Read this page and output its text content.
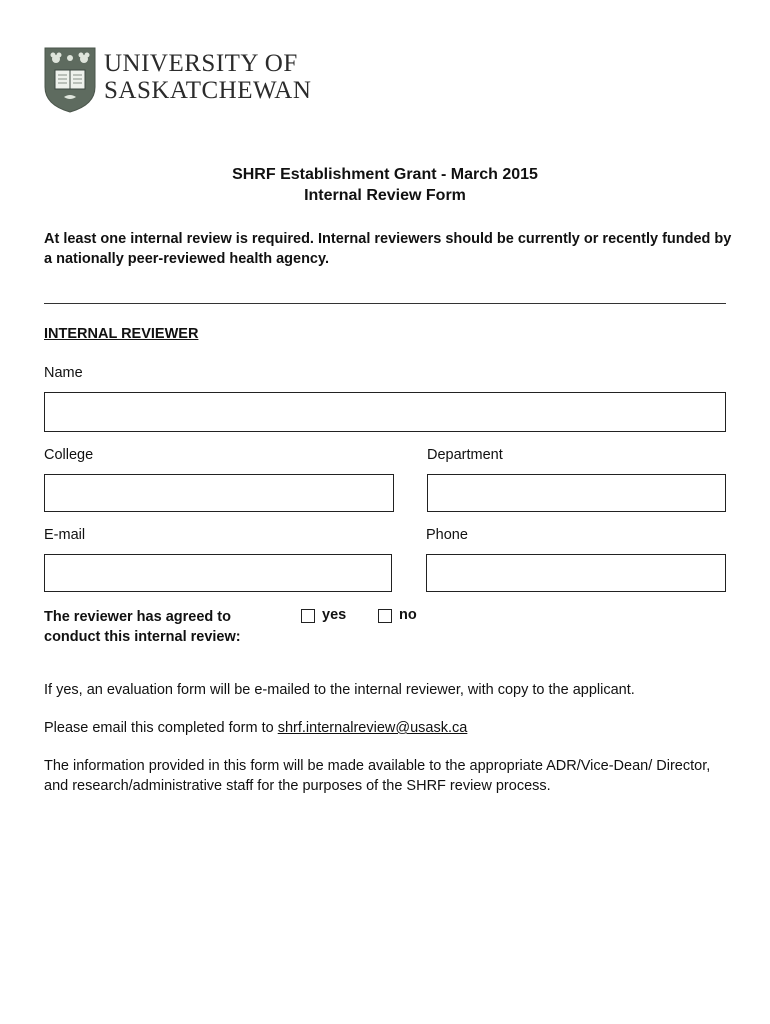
UNIVERSITY OF
SASKATCHEWAN
SHRF Establishment Grant - March 2015
Internal Review Form
At least one internal review is required. Internal reviewers should be currently or recently funded by a nationally peer-reviewed health agency.
INTERNAL REVIEWER
Name
College	Department
E-mail	Phone
The reviewer has agreed to
conduct this internal review:
yes	no
If yes, an evaluation form will be e-mailed to the internal reviewer, with copy to the applicant.
Please email this completed form to shrf.internalreview@usask.ca
The information provided in this form will be made available to the appropriate ADR/Vice-Dean/ Director, and research/administrative staff for the purposes of the SHRF review process.
